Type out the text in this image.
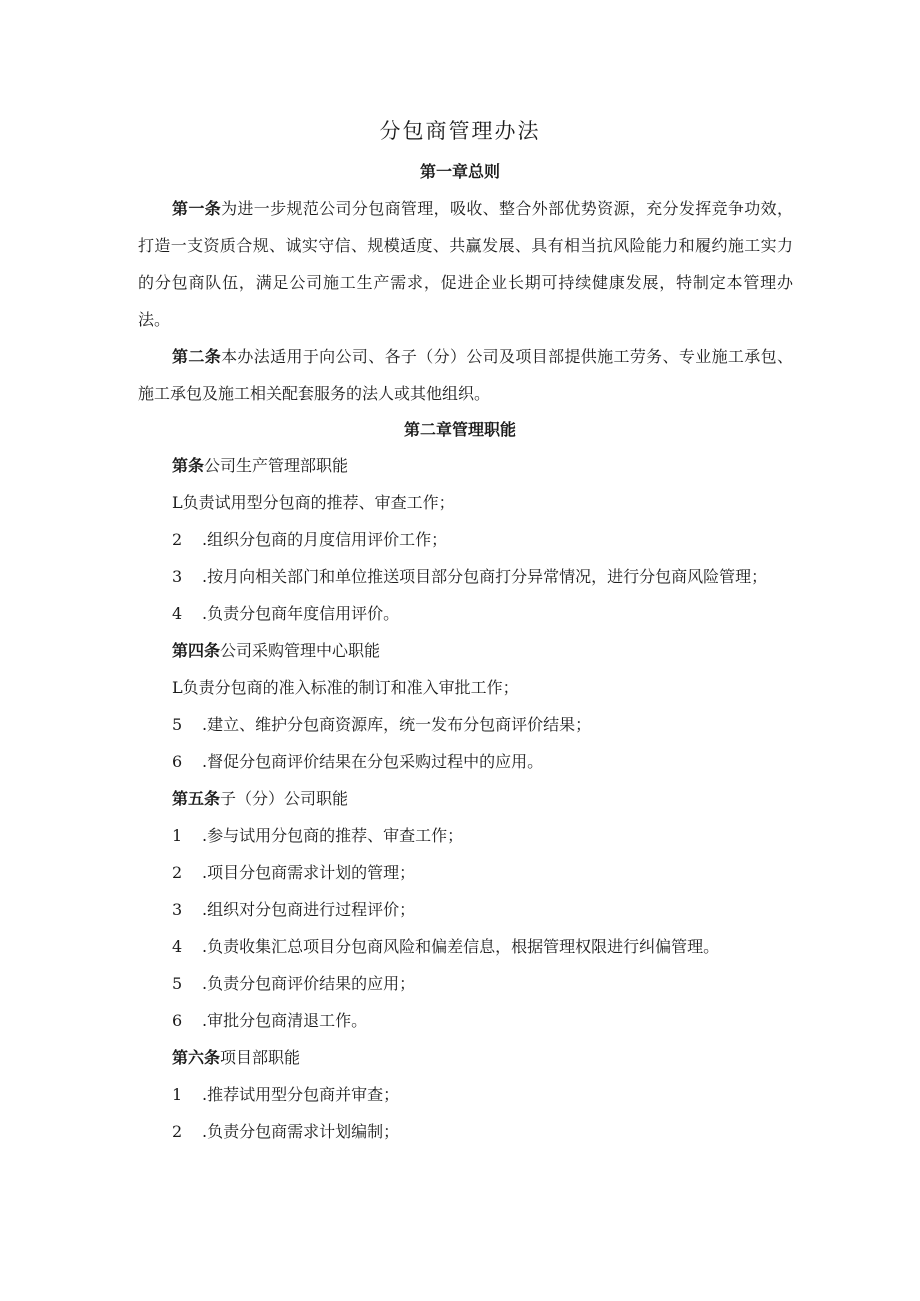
分包商管理办法
第一章总则
第一条为进一步规范公司分包商管理，吸收、整合外部优势资源，充分发挥竞争功效，打造一支资质合规、诚实守信、规模适度、共赢发展、具有相当抗风险能力和履约施工实力的分包商队伍，满足公司施工生产需求，促进企业长期可持续健康发展，特制定本管理办法。
第二条本办法适用于向公司、各子（分）公司及项目部提供施工劳务、专业施工承包、施工承包及施工相关配套服务的法人或其他组织。
第二章管理职能
第条公司生产管理部职能
L负责试用型分包商的推荐、审查工作；
2 .组织分包商的月度信用评价工作；
3 .按月向相关部门和单位推送项目部分包商打分异常情况，进行分包商风险管理；
4 .负责分包商年度信用评价。
第四条公司采购管理中心职能
L负责分包商的准入标准的制订和准入审批工作；
5 .建立、维护分包商资源库，统一发布分包商评价结果；
6 .督促分包商评价结果在分包采购过程中的应用。
第五条子（分）公司职能
1 .参与试用分包商的推荐、审查工作；
2 .项目分包商需求计划的管理；
3 .组织对分包商进行过程评价；
4 .负责收集汇总项目分包商风险和偏差信息，根据管理权限进行纠偏管理。
5 .负责分包商评价结果的应用；
6 .审批分包商清退工作。
第六条项目部职能
1 .推荐试用型分包商并审查；
2 .负责分包商需求计划编制；
